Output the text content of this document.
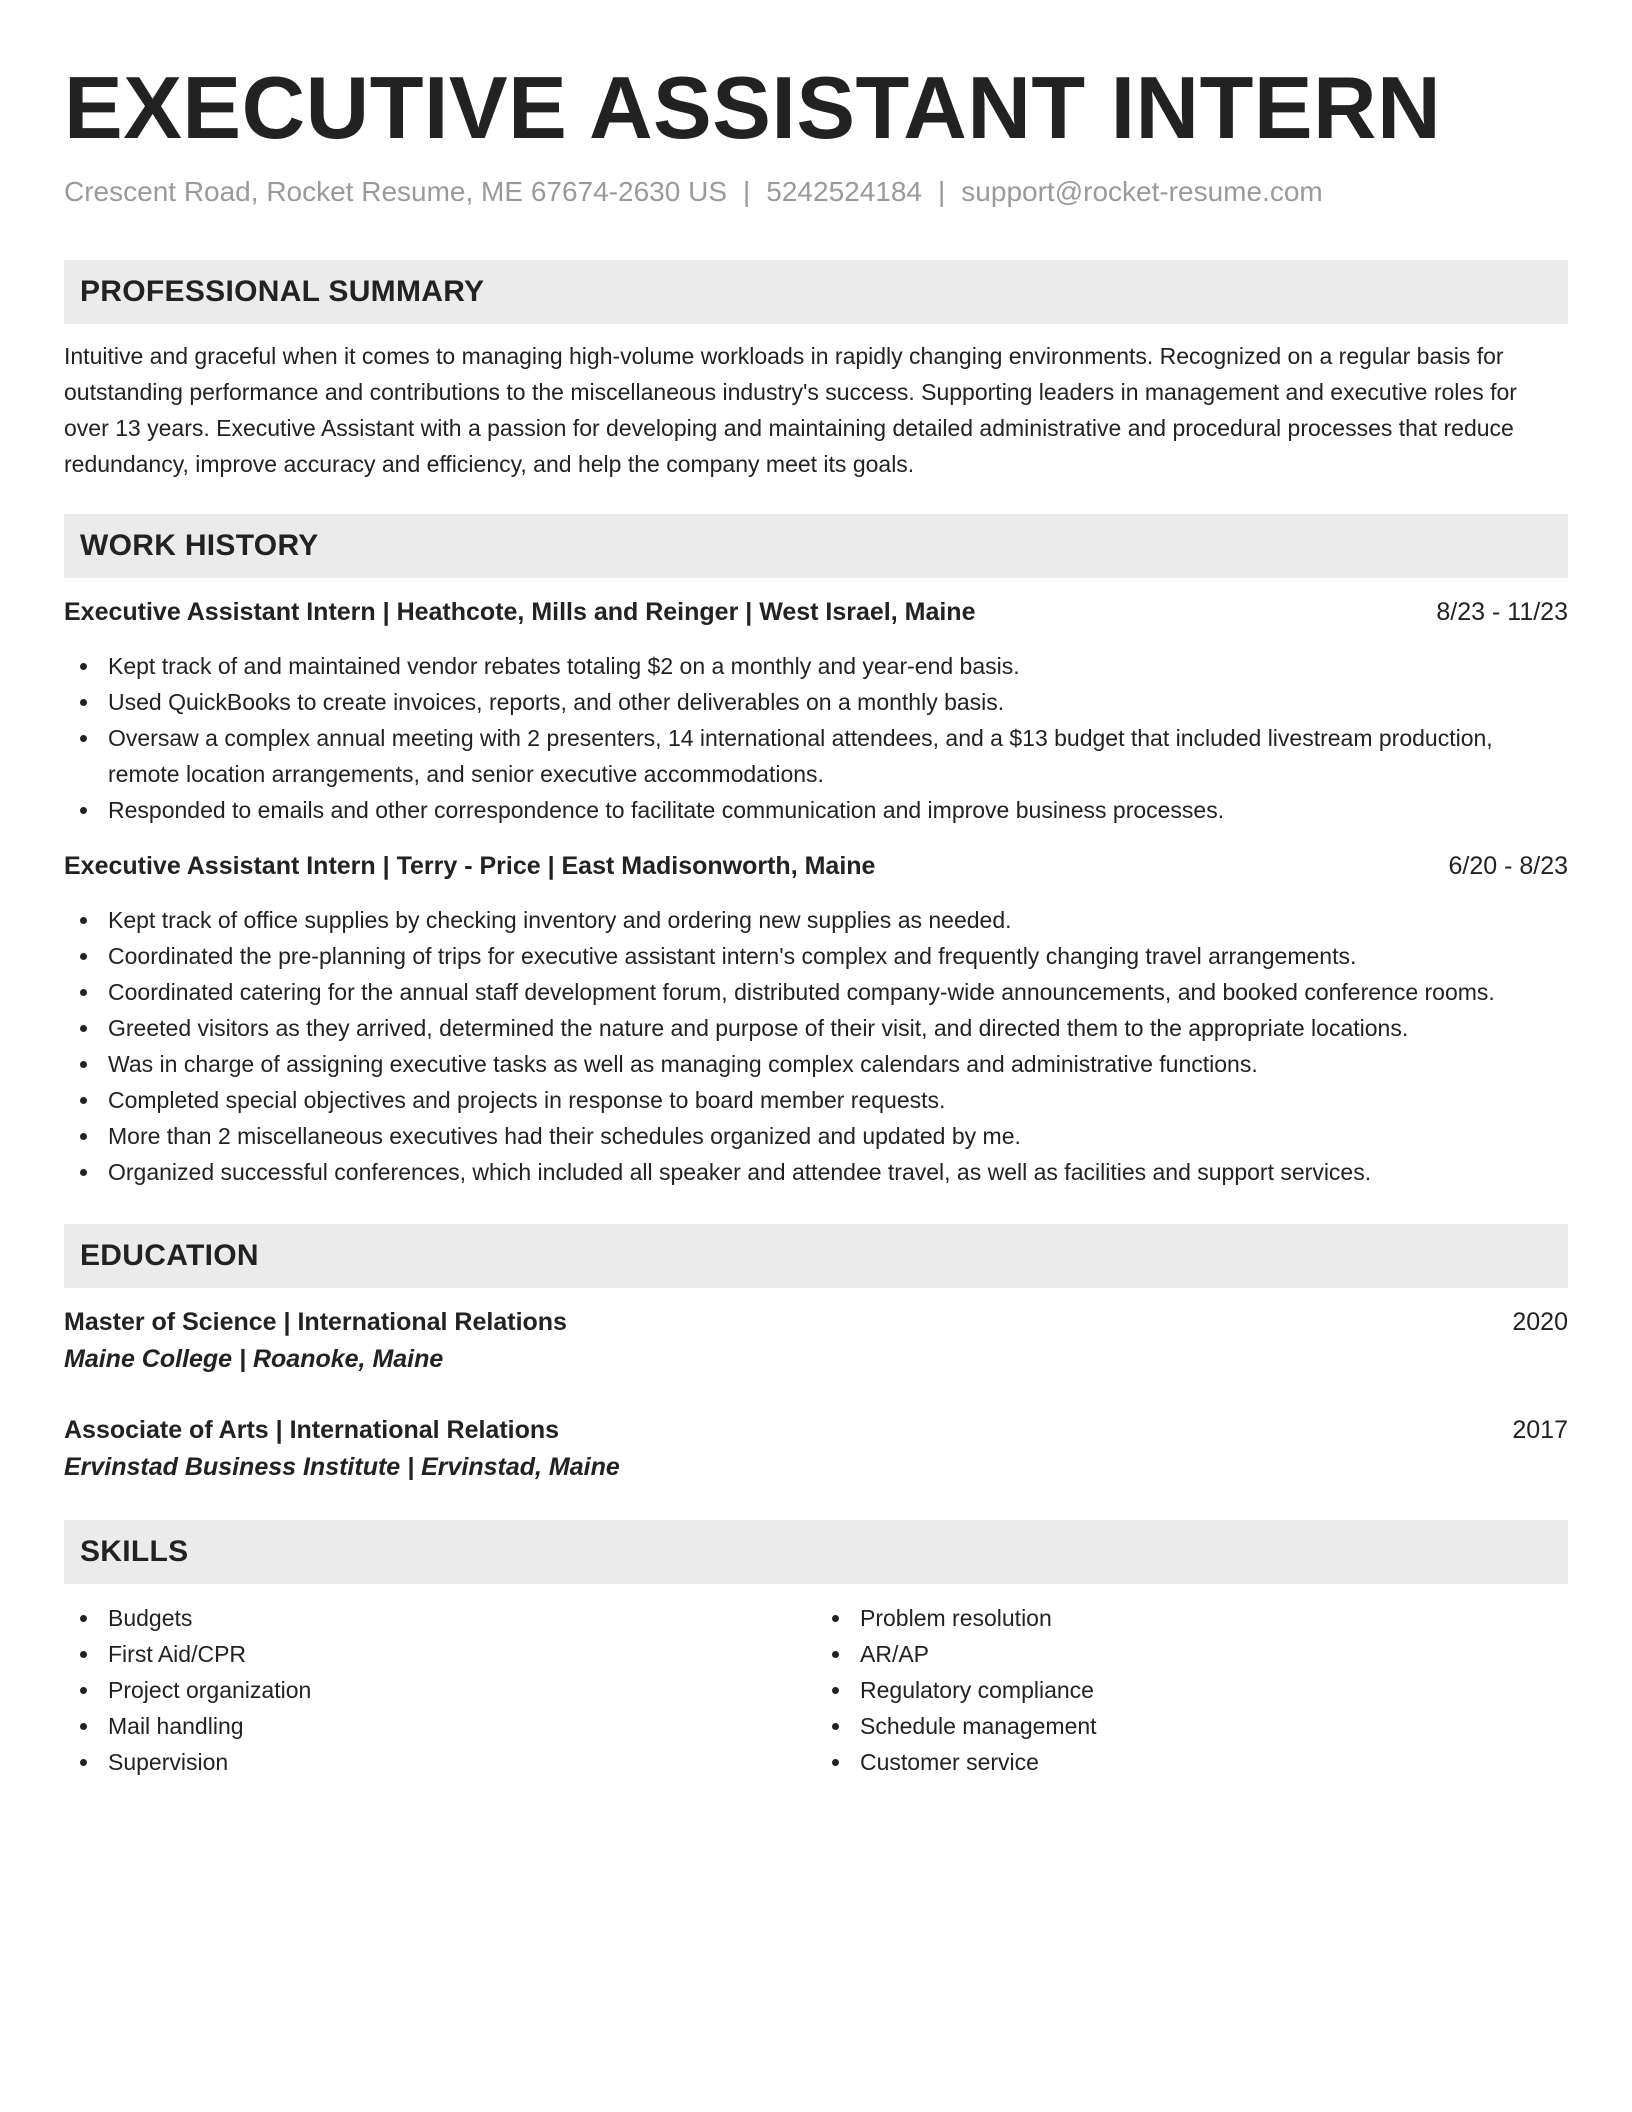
EXECUTIVE ASSISTANT INTERN
Crescent Road, Rocket Resume, ME 67674-2630 US | 5242524184 | support@rocket-resume.com
PROFESSIONAL SUMMARY

Intuitive and graceful when it comes to managing high-volume workloads in rapidly changing environments. Recognized on a regular basis for outstanding performance and contributions to the miscellaneous industry's success. Supporting leaders in management and executive roles for over 13 years. Executive Assistant with a passion for developing and maintaining detailed administrative and procedural processes that reduce redundancy, improve accuracy and efficiency, and help the company meet its goals.

WORK HISTORY
Executive Assistant Intern | Heathcote, Mills and Reinger | West Israel, Maine	8/23 - 11/23
Kept track of and maintained vendor rebates totaling $2 on a monthly and year-end basis.
Used QuickBooks to create invoices, reports, and other deliverables on a monthly basis.
Oversaw a complex annual meeting with 2 presenters, 14 international attendees, and a $13 budget that included livestream production, remote location arrangements, and senior executive accommodations.
Responded to emails and other correspondence to facilitate communication and improve business processes.
Executive Assistant Intern | Terry - Price | East Madisonworth, Maine	6/20 - 8/23
Kept track of office supplies by checking inventory and ordering new supplies as needed.
Coordinated the pre-planning of trips for executive assistant intern's complex and frequently changing travel arrangements.
Coordinated catering for the annual staff development forum, distributed company-wide announcements, and booked conference rooms.
Greeted visitors as they arrived, determined the nature and purpose of their visit, and directed them to the appropriate locations.
Was in charge of assigning executive tasks as well as managing complex calendars and administrative functions.
Completed special objectives and projects in response to board member requests.
More than 2 miscellaneous executives had their schedules organized and updated by me.
Organized successful conferences, which included all speaker and attendee travel, as well as facilities and support services.
EDUCATION
Master of Science | International Relations	2020
Maine College | Roanoke, Maine
Associate of Arts | International Relations	2017
Ervinstad Business Institute | Ervinstad, Maine
SKILLS
Budgets
First Aid/CPR
Project organization
Mail handling
Supervision
Problem resolution
AR/AP
Regulatory compliance
Schedule management
Customer service
